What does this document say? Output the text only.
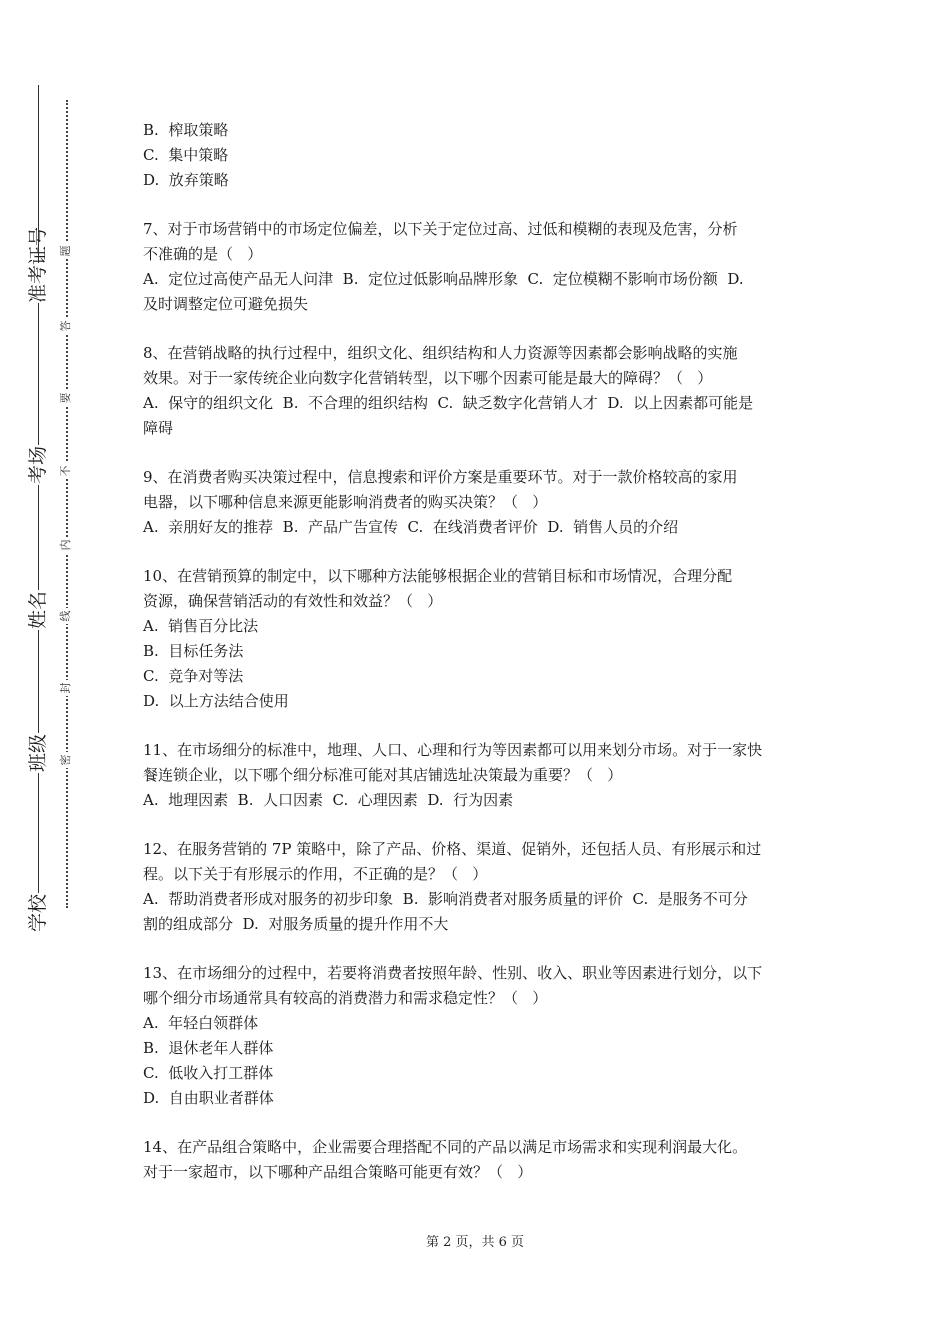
准考证号
考场
姓名
班级
学校
题
答
要
不
内
线
封
密
B.  榨取策略
C.  集中策略
D.  放弃策略
7、对于市场营销中的市场定位偏差，以下关于定位过高、过低和模糊的表现及危害，分析
不准确的是（   ）
A.  定位过高使产品无人问津  B.  定位过低影响品牌形象  C.  定位模糊不影响市场份额  D.
及时调整定位可避免损失
8、在营销战略的执行过程中，组织文化、组织结构和人力资源等因素都会影响战略的实施
效果。对于一家传统企业向数字化营销转型，以下哪个因素可能是最大的障碍？（   ）
A.  保守的组织文化  B.  不合理的组织结构  C.  缺乏数字化营销人才  D.  以上因素都可能是
障碍
9、在消费者购买决策过程中，信息搜索和评价方案是重要环节。对于一款价格较高的家用
电器，以下哪种信息来源更能影响消费者的购买决策？（   ）
A.  亲朋好友的推荐  B.  产品广告宣传  C.  在线消费者评价  D.  销售人员的介绍
10、在营销预算的制定中，以下哪种方法能够根据企业的营销目标和市场情况，合理分配
资源，确保营销活动的有效性和效益？（   ）
A.  销售百分比法
B.  目标任务法
C.  竞争对等法
D.  以上方法结合使用
11、在市场细分的标准中，地理、人口、心理和行为等因素都可以用来划分市场。对于一家快
餐连锁企业，以下哪个细分标准可能对其店铺选址决策最为重要？（   ）
A.  地理因素  B.  人口因素  C.  心理因素  D.  行为因素
12、在服务营销的 7P 策略中，除了产品、价格、渠道、促销外，还包括人员、有形展示和过
程。以下关于有形展示的作用，不正确的是？（   ）
A.  帮助消费者形成对服务的初步印象  B.  影响消费者对服务质量的评价  C.  是服务不可分
割的组成部分  D.  对服务质量的提升作用不大
13、在市场细分的过程中，若要将消费者按照年龄、性别、收入、职业等因素进行划分，以下
哪个细分市场通常具有较高的消费潜力和需求稳定性？（   ）
A.  年轻白领群体
B.  退休老年人群体
C.  低收入打工群体
D.  自由职业者群体
14、在产品组合策略中，企业需要合理搭配不同的产品以满足市场需求和实现利润最大化。
对于一家超市，以下哪种产品组合策略可能更有效？（   ）
第 2 页，共 6 页
